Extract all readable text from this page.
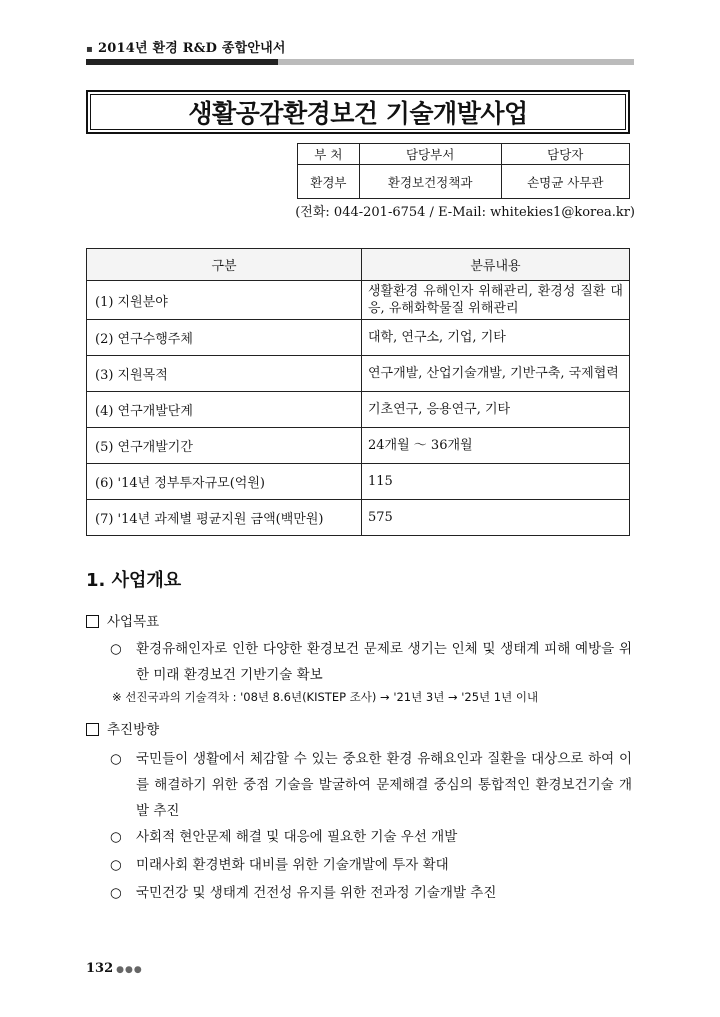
▪ 2014년 환경 R&D 종합안내서
생활공감환경보건 기술개발사업
부 처	담당부서	담당자
환경부	환경보건정책과	손명균 사무관
(전화: 044-201-6754 / E-Mail: whitekies1@korea.kr)
구분	분류내용
(1) 지원분야	생활환경 유해인자 위해관리, 환경성 질환 대응, 유해화학물질 위해관리
(2) 연구수행주체	대학, 연구소, 기업, 기타
(3) 지원목적	연구개발, 산업기술개발, 기반구축, 국제협력
(4) 연구개발단계	기초연구, 응용연구, 기타
(5) 연구개발기간	24개월 ～ 36개월
(6) '14년 정부투자규모(억원)	115
(7) '14년 과제별 평균지원 금액(백만원)	575
1. 사업개요
사업목표
○ 환경유해인자로 인한 다양한 환경보건 문제로 생기는 인체 및 생태계 피해 예방을 위한 미래 환경보건 기반기술 확보
※ 선진국과의 기술격차 : '08년 8.6년(KISTEP 조사) → '21년 3년 → '25년 1년 이내
추진방향
○ 국민들이 생활에서 체감할 수 있는 중요한 환경 유해요인과 질환을 대상으로 하여 이를 해결하기 위한 중점 기술을 발굴하여 문제해결 중심의 통합적인 환경보건기술 개발 추진
○ 사회적 현안문제 해결 및 대응에 필요한 기술 우선 개발
○ 미래사회 환경변화 대비를 위한 기술개발에 투자 확대
○ 국민건강 및 생태계 건전성 유지를 위한 전과정 기술개발 추진
132 ●●●
